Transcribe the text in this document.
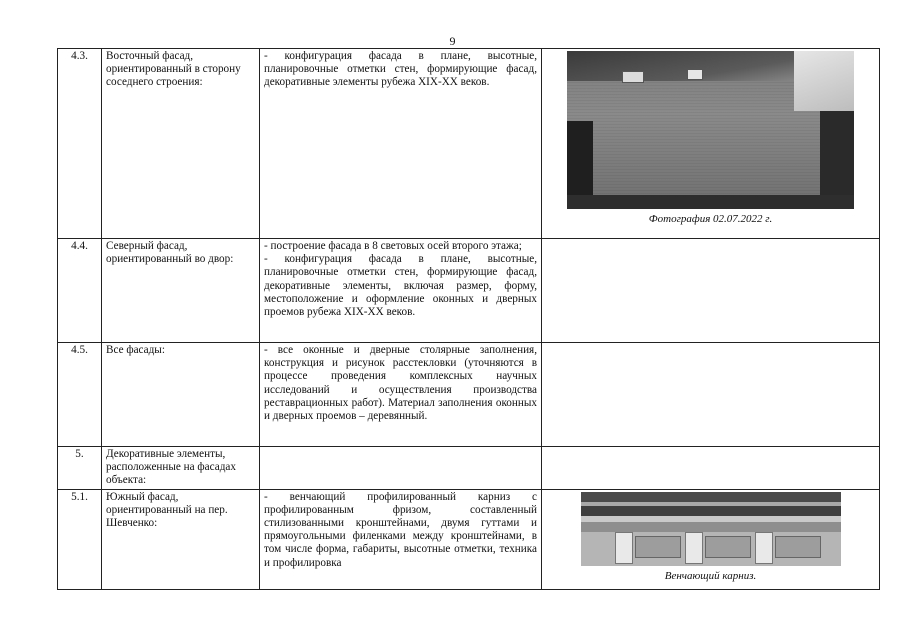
9
4.3.	Восточный фасад, ориентированный в сторону соседнего строения:	- конфигурация фасада в плане, высотные, планировочные отметки стен, формирующие фасад, декоративные элементы рубежа XIX-XX веков.	Фотография 02.07.2022 г.

4.4.	Северный фасад, ориентированный во двор:	- построение фасада в 8 световых осей второго этажа;
- конфигурация фасада в плане, высотные, планировочные отметки стен, формирующие фасад, декоративные элементы, включая размер, форму, местоположение и оформление оконных и дверных проемов рубежа XIX-XX веков.	

4.5.	Все фасады:	- все оконные и дверные столярные заполнения, конструкция и рисунок расстекловки (уточняются в процессе проведения комплексных научных исследований и осуществления производства реставрационных работ). Материал заполнения оконных и дверных проемов – деревянный.	

5.	Декоративные элементы, расположенные на фасадах объекта:		
5.1.	Южный фасад, ориентированный на пер. Шевченко:	- венчающий профилированный карниз с профилированным фризом, составленный стилизованными кронштейнами, двумя гуттами и прямоугольными филенками между кронштейнами, в том числе форма, габариты, высотные отметки, техника и профилировка	Венчающий карниз.
